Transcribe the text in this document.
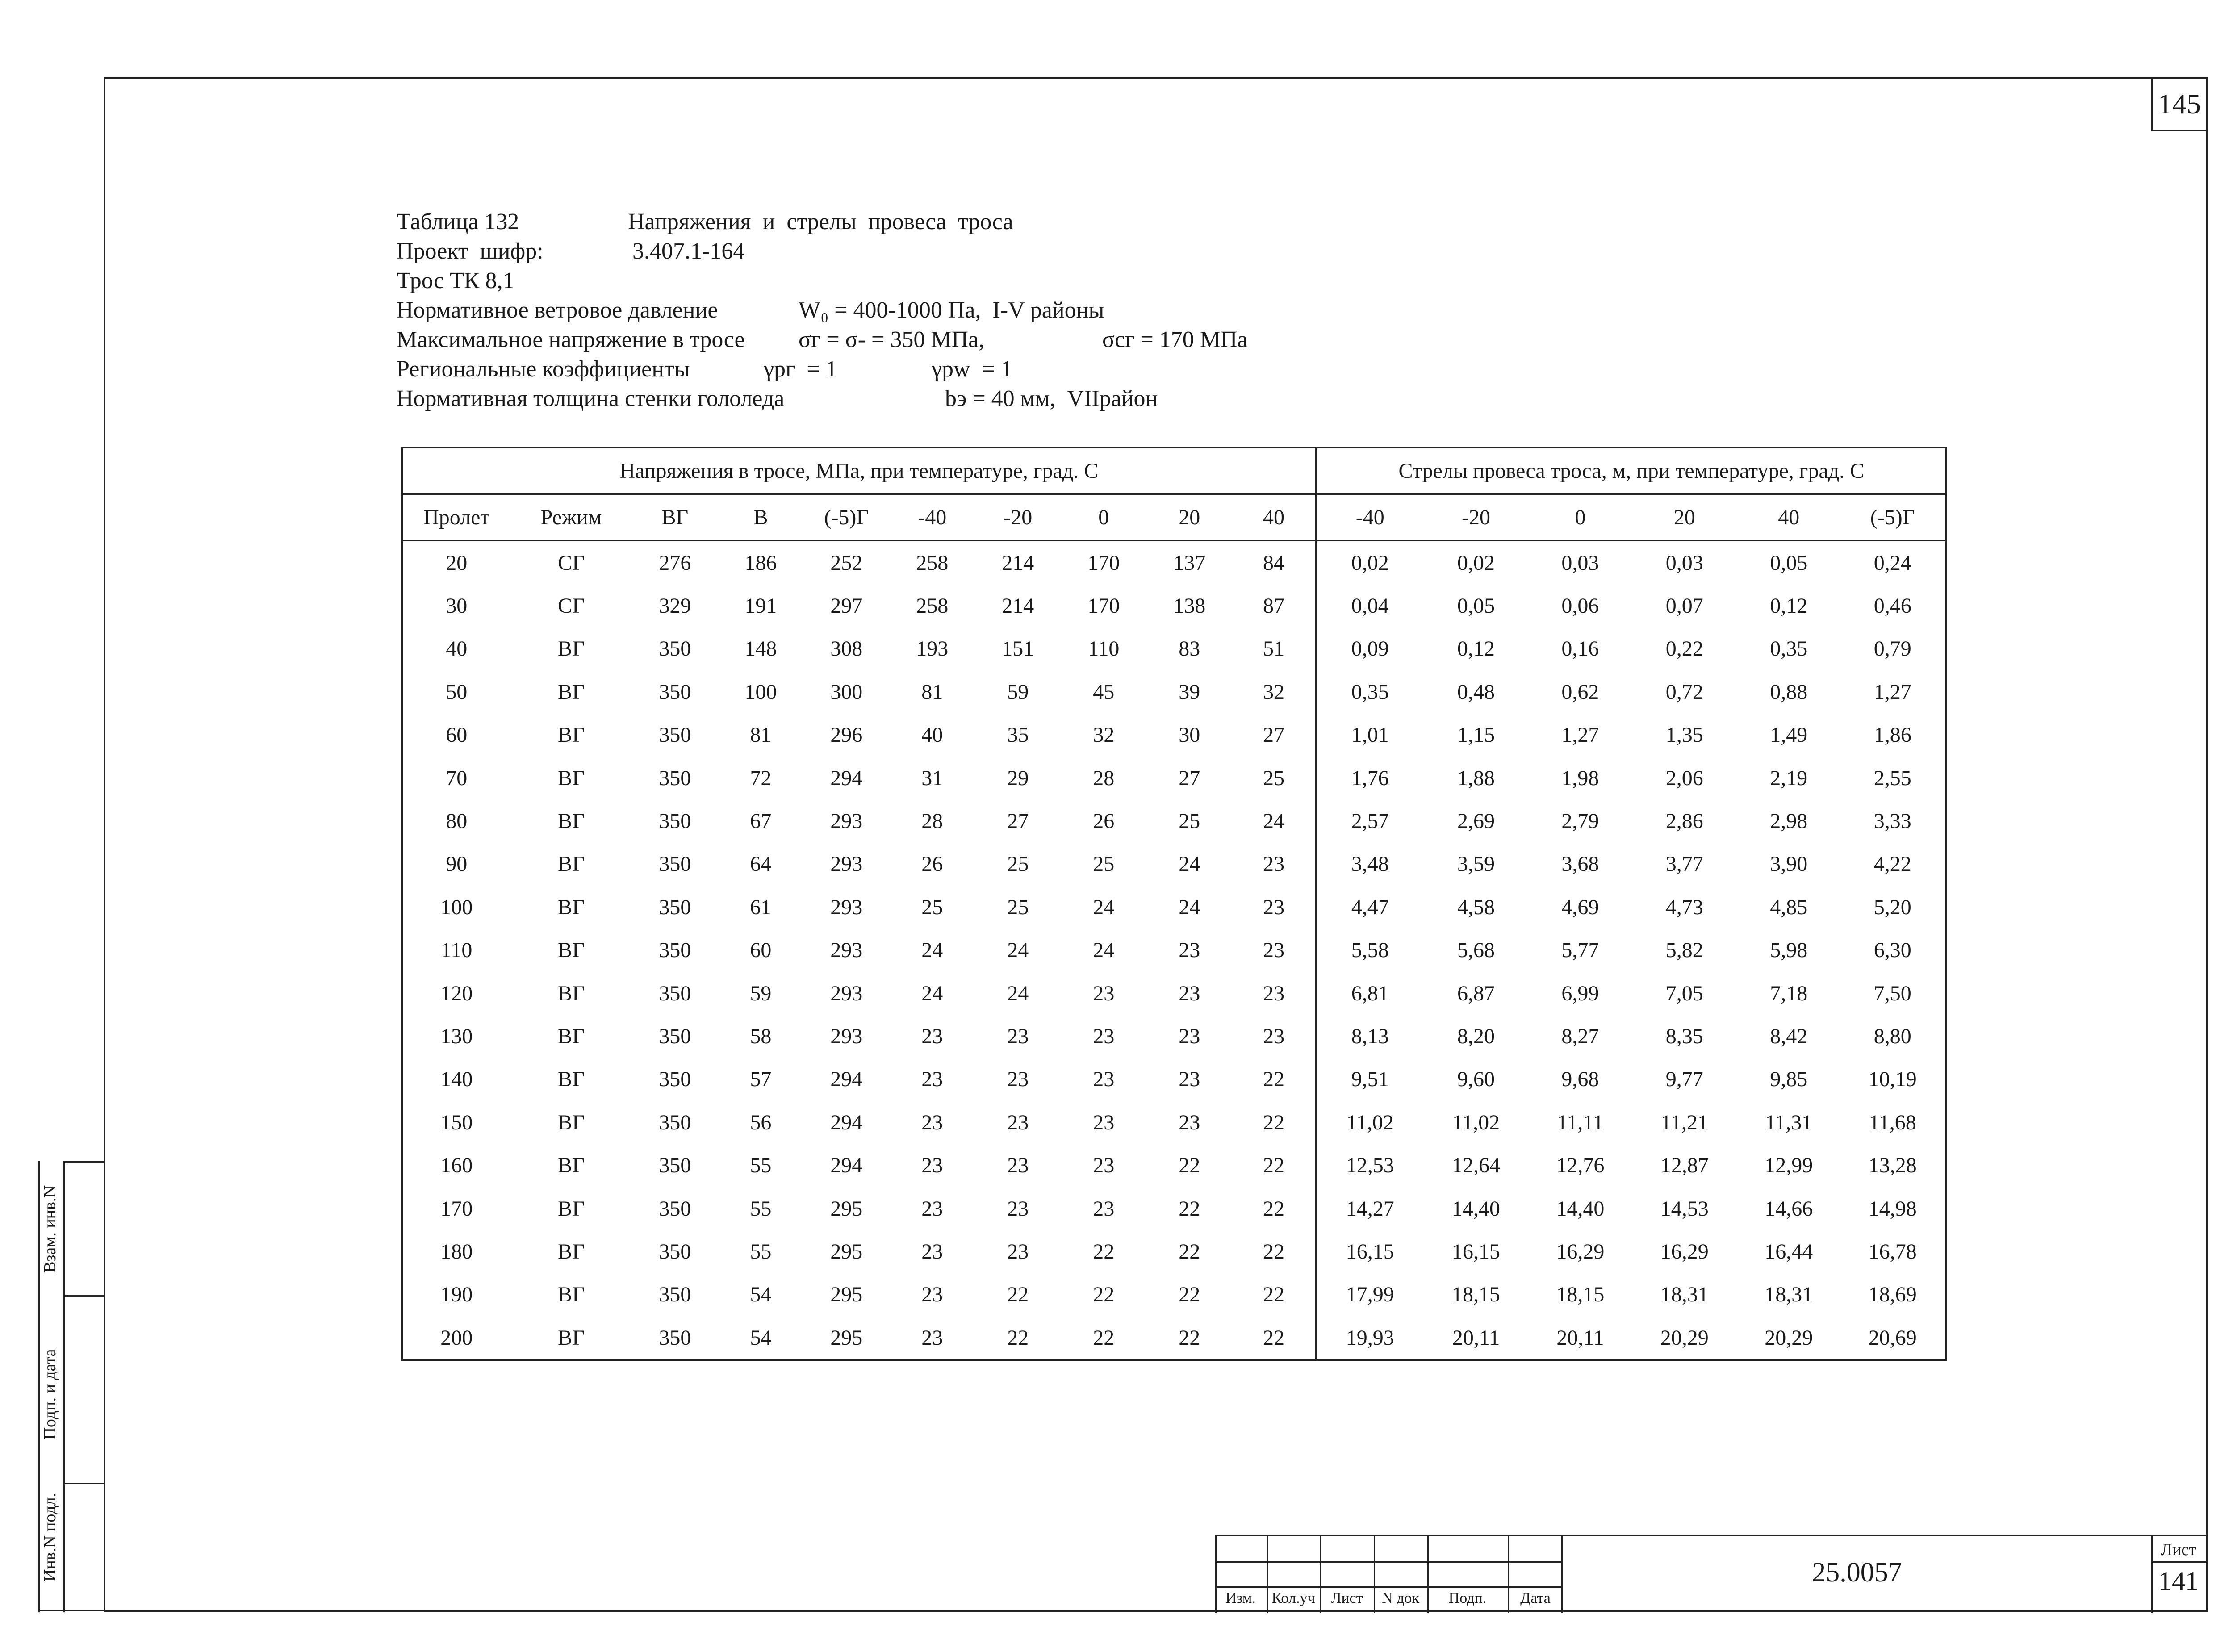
145
Таблица 132	Напряжения  и  стрелы  провеса  троса
Проект  шифр:	3.407.1-164
Трос ТК 8,1
Нормативное ветровое давление	W₀ = 400-1000 Па,  I-V районы
Максимальное напряжение в тросе σг = σ- = 350 МПа,	σсг = 170 МПа
Региональные коэффициенты	γpг  = 1	γpw  = 1
Нормативная толщина стенки гололеда	bэ = 40 мм,  VIIрайон
Напряжения в тросе, МПа, при температуре, град. С										Стрелы провеса троса, м, при температуре, град. С					
Пролет	Режим	ВГ	В	(-5)Г	-40	-20	0	20	40	-40	-20	0	20	40	(-5)Г
20	СГ	276	186	252	258	214	170	137	84	0,02	0,02	0,03	0,03	0,05	0,24
30	СГ	329	191	297	258	214	170	138	87	0,04	0,05	0,06	0,07	0,12	0,46
40	ВГ	350	148	308	193	151	110	83	51	0,09	0,12	0,16	0,22	0,35	0,79
50	ВГ	350	100	300	81	59	45	39	32	0,35	0,48	0,62	0,72	0,88	1,27
60	ВГ	350	81	296	40	35	32	30	27	1,01	1,15	1,27	1,35	1,49	1,86
70	ВГ	350	72	294	31	29	28	27	25	1,76	1,88	1,98	2,06	2,19	2,55
80	ВГ	350	67	293	28	27	26	25	24	2,57	2,69	2,79	2,86	2,98	3,33
90	ВГ	350	64	293	26	25	25	24	23	3,48	3,59	3,68	3,77	3,90	4,22
100	ВГ	350	61	293	25	25	24	24	23	4,47	4,58	4,69	4,73	4,85	5,20
110	ВГ	350	60	293	24	24	24	23	23	5,58	5,68	5,77	5,82	5,98	6,30
120	ВГ	350	59	293	24	24	23	23	23	6,81	6,87	6,99	7,05	7,18	7,50
130	ВГ	350	58	293	23	23	23	23	23	8,13	8,20	8,27	8,35	8,42	8,80
140	ВГ	350	57	294	23	23	23	23	22	9,51	9,60	9,68	9,77	9,85	10,19
150	ВГ	350	56	294	23	23	23	23	22	11,02	11,02	11,11	11,21	11,31	11,68
160	ВГ	350	55	294	23	23	23	22	22	12,53	12,64	12,76	12,87	12,99	13,28
170	ВГ	350	55	295	23	23	23	22	22	14,27	14,40	14,40	14,53	14,66	14,98
180	ВГ	350	55	295	23	23	22	22	22	16,15	16,15	16,29	16,29	16,44	16,78
190	ВГ	350	54	295	23	22	22	22	22	17,99	18,15	18,15	18,31	18,31	18,69
200	ВГ	350	54	295	23	22	22	22	22	19,93	20,11	20,11	20,29	20,29	20,69
Изм.	Кол.уч	Лист	N док	Подп.	Дата
25.0057
Лист
141
Инв.N подл.
Подп. и дата
Взам. инв.N
